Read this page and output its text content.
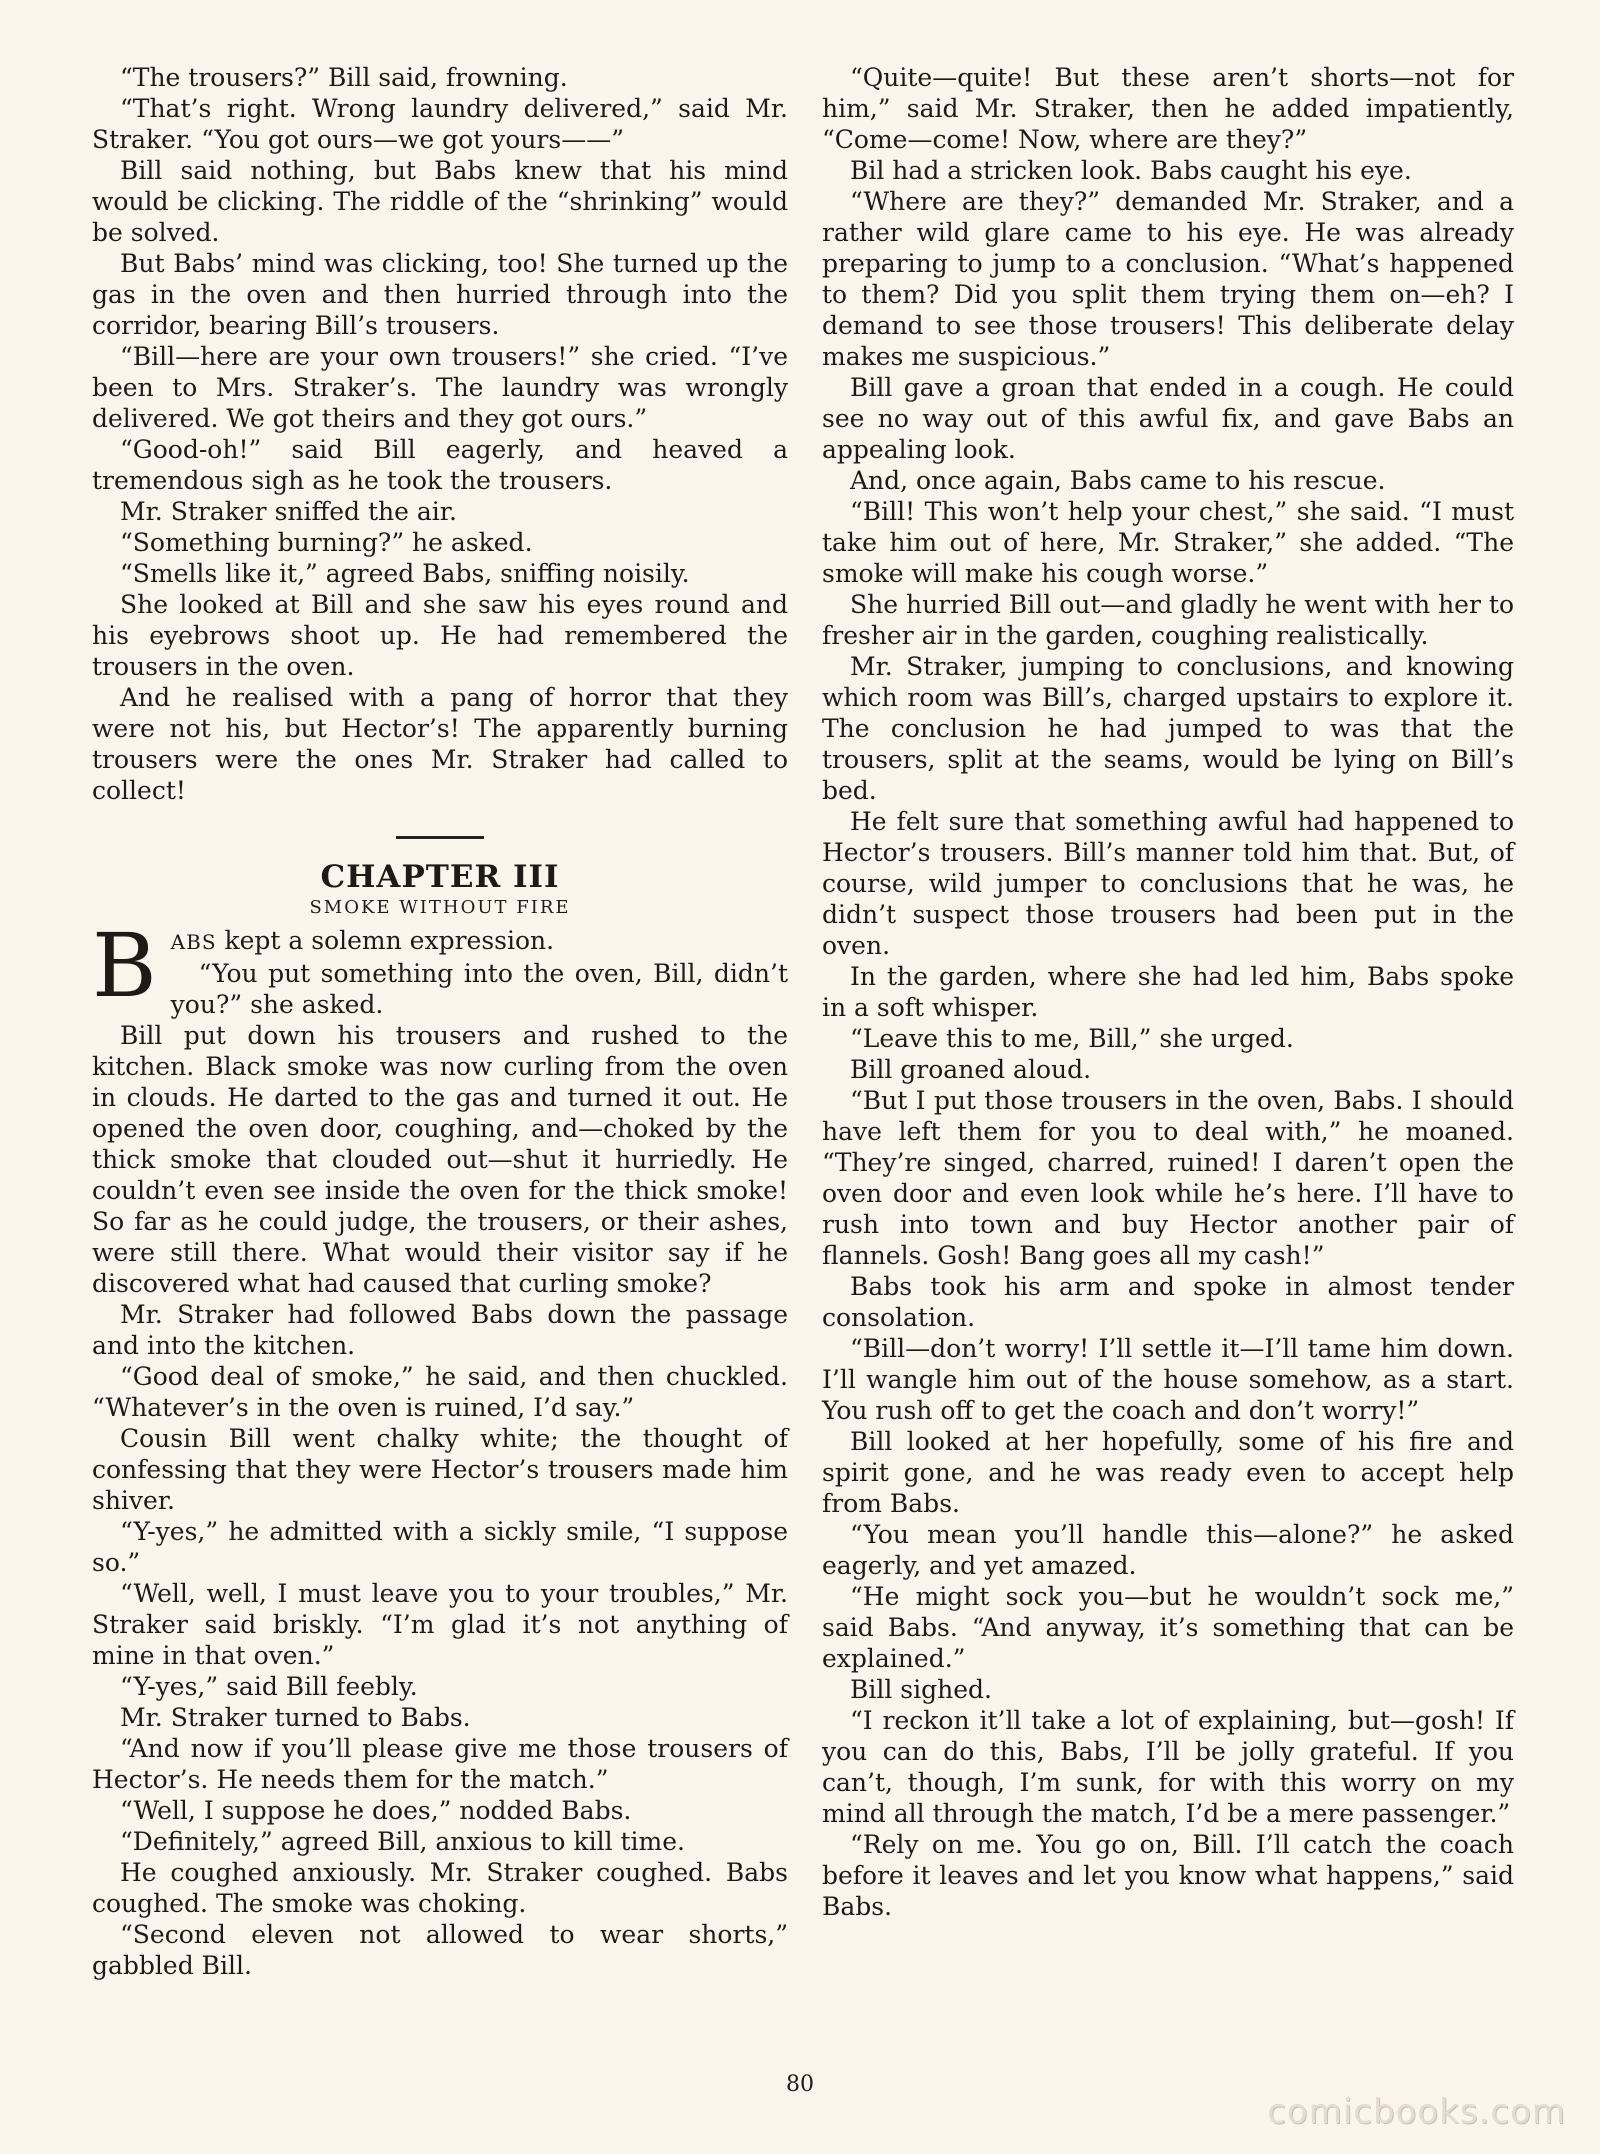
“The trousers?” Bill said, frowning.

“That’s right. Wrong laundry delivered,” said Mr. Straker. “You got ours—we got yours——”

Bill said nothing, but Babs knew that his mind would be clicking. The riddle of the “shrinking” would be solved.

But Babs’ mind was clicking, too! She turned up the gas in the oven and then hurried through into the corridor, bearing Bill’s trousers.

“Bill—here are your own trousers!” she cried. “I’ve been to Mrs. Straker’s. The laundry was wrongly delivered. We got theirs and they got ours.”

“Good-oh!” said Bill eagerly, and heaved a tremendous sigh as he took the trousers.

Mr. Straker sniffed the air.

“Something burning?” he asked.

“Smells like it,” agreed Babs, sniffing noisily.

She looked at Bill and she saw his eyes round and his eyebrows shoot up. He had remembered the trousers in the oven.

And he realised with a pang of horror that they were not his, but Hector’s! The apparently burning trousers were the ones Mr. Straker had called to collect!

CHAPTER III
SMOKE WITHOUT FIRE

BABS kept a solemn expression.

“You put something into the oven, Bill, didn’t you?” she asked.

Bill put down his trousers and rushed to the kitchen. Black smoke was now curling from the oven in clouds. He darted to the gas and turned it out. He opened the oven door, coughing, and—choked by the thick smoke that clouded out—shut it hurriedly. He couldn’t even see inside the oven for the thick smoke! So far as he could judge, the trousers, or their ashes, were still there. What would their visitor say if he discovered what had caused that curling smoke?

Mr. Straker had followed Babs down the passage and into the kitchen.

“Good deal of smoke,” he said, and then chuckled. “Whatever’s in the oven is ruined, I’d say.”

Cousin Bill went chalky white; the thought of confessing that they were Hector’s trousers made him shiver.

“Y-yes,” he admitted with a sickly smile, “I suppose so.”

“Well, well, I must leave you to your troubles,” Mr. Straker said briskly. “I’m glad it’s not anything of mine in that oven.”

“Y-yes,” said Bill feebly.

Mr. Straker turned to Babs.

“And now if you’ll please give me those trousers of Hector’s. He needs them for the match.”

“Well, I suppose he does,” nodded Babs.

“Definitely,” agreed Bill, anxious to kill time.

He coughed anxiously. Mr. Straker coughed. Babs coughed. The smoke was choking.

“Second eleven not allowed to wear shorts,” gabbled Bill.

“Quite—quite! But these aren’t shorts—not for him,” said Mr. Straker, then he added impatiently, “Come—come! Now, where are they?”

Bil had a stricken look. Babs caught his eye.

“Where are they?” demanded Mr. Straker, and a rather wild glare came to his eye. He was already preparing to jump to a conclusion. “What’s happened to them? Did you split them trying them on—eh? I demand to see those trousers! This deliberate delay makes me suspicious.”

Bill gave a groan that ended in a cough. He could see no way out of this awful fix, and gave Babs an appealing look.

And, once again, Babs came to his rescue.

“Bill! This won’t help your chest,” she said. “I must take him out of here, Mr. Straker,” she added. “The smoke will make his cough worse.”

She hurried Bill out—and gladly he went with her to fresher air in the garden, coughing realistically.

Mr. Straker, jumping to conclusions, and knowing which room was Bill’s, charged upstairs to explore it. The conclusion he had jumped to was that the trousers, split at the seams, would be lying on Bill’s bed.

He felt sure that something awful had happened to Hector’s trousers. Bill’s manner told him that. But, of course, wild jumper to conclusions that he was, he didn’t suspect those trousers had been put in the oven.

In the garden, where she had led him, Babs spoke in a soft whisper.

“Leave this to me, Bill,” she urged.

Bill groaned aloud.

“But I put those trousers in the oven, Babs. I should have left them for you to deal with,” he moaned. “They’re singed, charred, ruined! I daren’t open the oven door and even look while he’s here. I’ll have to rush into town and buy Hector another pair of flannels. Gosh! Bang goes all my cash!”

Babs took his arm and spoke in almost tender consolation.

“Bill—don’t worry! I’ll settle it—I’ll tame him down. I’ll wangle him out of the house somehow, as a start. You rush off to get the coach and don’t worry!”

Bill looked at her hopefully, some of his fire and spirit gone, and he was ready even to accept help from Babs.

“You mean you’ll handle this—alone?” he asked eagerly, and yet amazed.

“He might sock you—but he wouldn’t sock me,” said Babs. “And anyway, it’s something that can be explained.”

Bill sighed.

“I reckon it’ll take a lot of explaining, but—gosh! If you can do this, Babs, I’ll be jolly grateful. If you can’t, though, I’m sunk, for with this worry on my mind all through the match, I’d be a mere passenger.”

“Rely on me. You go on, Bill. I’ll catch the coach before it leaves and let you know what happens,” said Babs.

80
comicbooks.com
